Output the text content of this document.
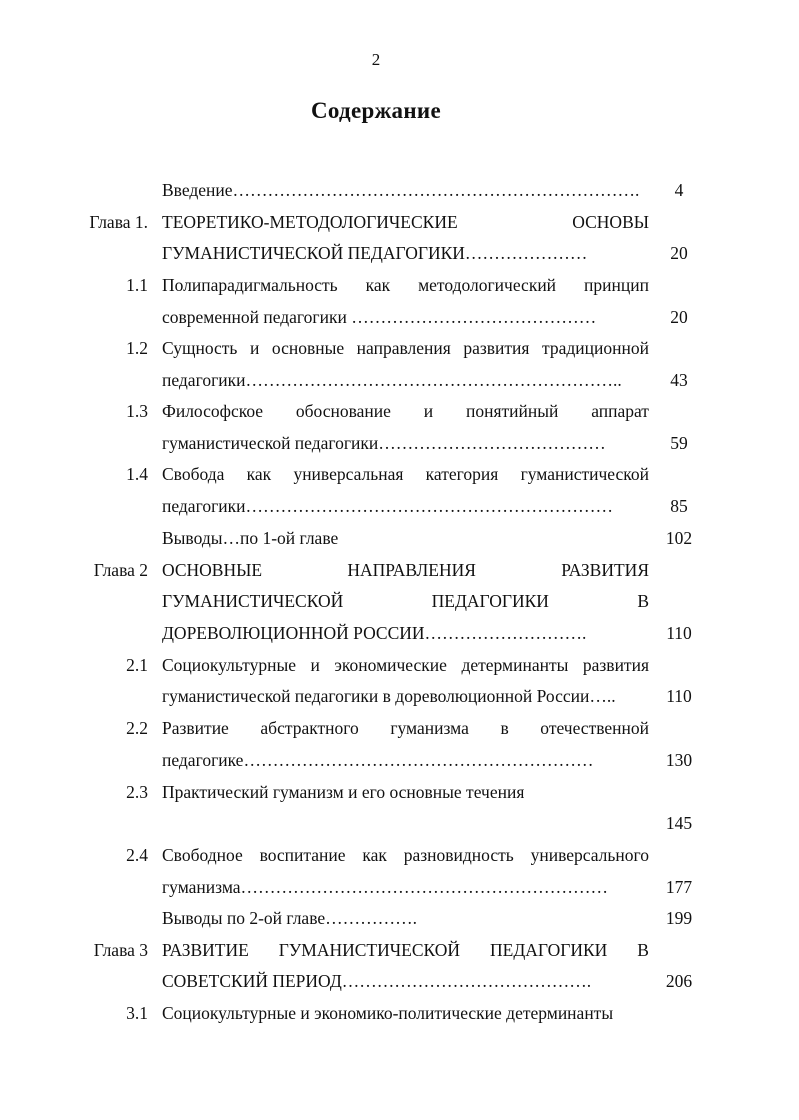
2
Содержание
Введение…………………………………………………………….	4
Глава 1. ТЕОРЕТИКО-МЕТОДОЛОГИЧЕСКИЕ	ОСНОВЫ
ГУМАНИСТИЧЕСКОЙ ПЕДАГОГИКИ…………………	20
1.1 Полипарадигмальность как методологический принцип
современной педагогики ……………………………………	20
1.2 Сущность и основные направления развития традиционной
педагогики………………………………………………………..	43
1.3 Философское обоснование и понятийный аппарат
гуманистической педагогики…………………………………	59
1.4 Свобода как универсальная категория гуманистической
педагогики………………………………………………………	85
Выводы…по 1-ой главе	102
Глава 2 ОСНОВНЫЕ	НАПРАВЛЕНИЯ	РАЗВИТИЯ
ГУМАНИСТИЧЕСКОЙ	ПЕДАГОГИКИ	В
ДОРЕВОЛЮЦИОННОЙ РОССИИ……………………….	110
2.1 Социокультурные и экономические детерминанты развития
гуманистической педагогики в дореволюционной России…..	110
2.2 Развитие абстрактного гуманизма в отечественной
педагогике……………………………………………………	130
2.3 Практический гуманизм и его основные течения
145
2.4 Свободное воспитание как разновидность универсального
гуманизма………………………………………………………	177
Выводы по 2-ой главе…………….	199
Глава 3 РАЗВИТИЕ ГУМАНИСТИЧЕСКОЙ ПЕДАГОГИКИ В
СОВЕТСКИЙ ПЕРИОД…………………………………….	206
3.1 Социокультурные и экономико-политические детерминанты
